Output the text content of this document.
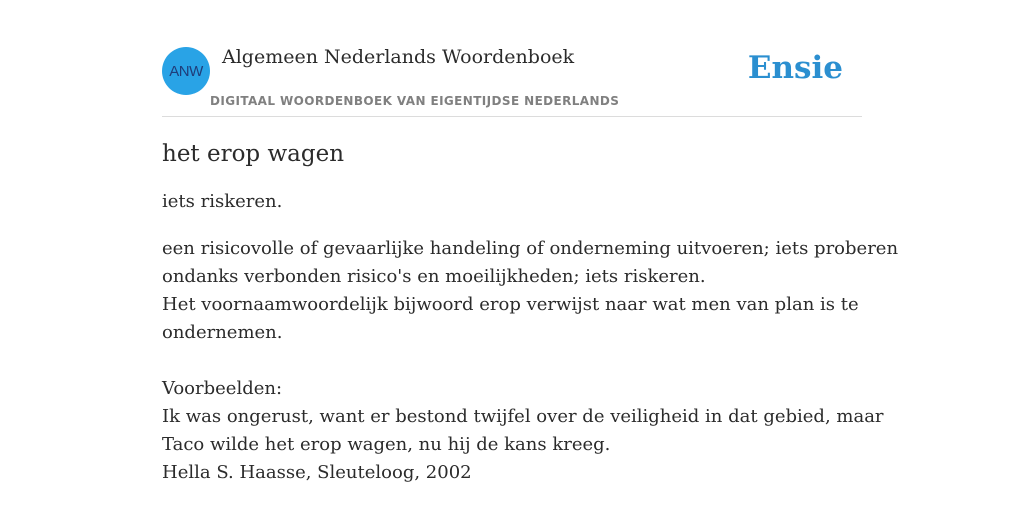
ANW
Algemeen Nederlands Woordenboek
DIGITAAL WOORDENBOEK VAN EIGENTIJDSE NEDERLANDS
Ensie
het erop wagen

iets riskeren.

een risicovolle of gevaarlijke handeling of onderneming uitvoeren; iets proberen
ondanks verbonden risico's en moeilijkheden; iets riskeren.
Het voornaamwoordelijk bijwoord erop verwijst naar wat men van plan is te
ondernemen.
Voorbeelden:
Ik was ongerust, want er bestond twijfel over de veiligheid in dat gebied, maar
Taco wilde het erop wagen, nu hij de kans kreeg.
Hella S. Haasse, Sleuteloog, 2002
